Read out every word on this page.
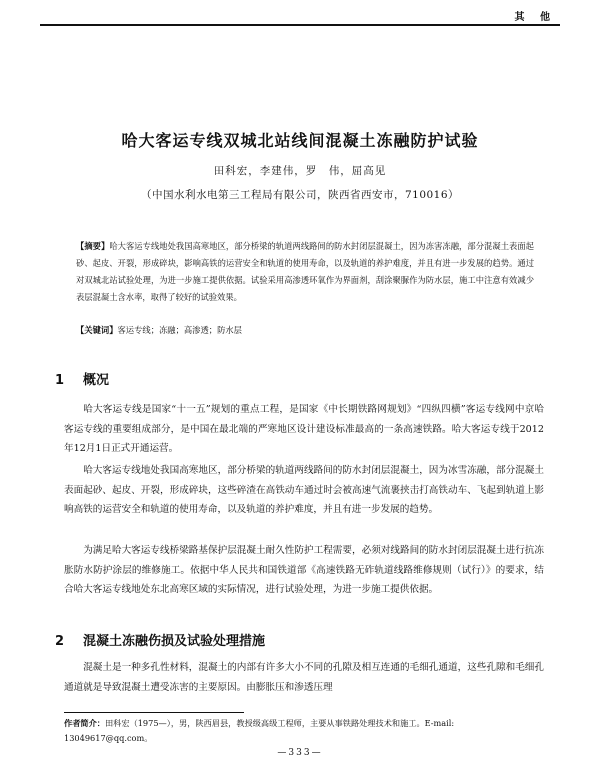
其 他
哈大客运专线双城北站线间混凝土冻融防护试验
田科宏，李建伟，罗　伟，屈高见
（中国水利水电第三工程局有限公司，陕西省西安市，710016）
【摘要】哈大客运专线地处我国高寒地区，部分桥梁的轨道两线路间的防水封闭层混凝土，因为冻害冻融，部分混凝土表面起砂、起皮、开裂，形成碎块，影响高铁的运营安全和轨道的使用寿命，以及轨道的养护难度，并且有进一步发展的趋势。通过对双城北站试验处理，为进一步施工提供依据。试验采用高渗透环氧作为界面剂，刮涂聚脲作为防水层，施工中注意有效减少表层混凝土含水率，取得了较好的试验效果。
【关键词】客运专线；冻融；高渗透；防水层
1 概况
哈大客运专线是国家“十一五”规划的重点工程，是国家《中长期铁路网规划》“四纵四横”客运专线网中京哈客运专线的重要组成部分，是中国在最北端的严寒地区设计建设标准最高的一条高速铁路。哈大客运专线于2012年12月1日正式开通运营。
哈大客运专线地处我国高寒地区，部分桥梁的轨道两线路间的防水封闭层混凝土，因为冰雪冻融，部分混凝土表面起砂、起皮、开裂，形成碎块，这些碎渣在高铁动车通过时会被高速气流裹挟击打高铁动车、飞起到轨道上影响高铁的运营安全和轨道的使用寿命，以及轨道的养护难度，并且有进一步发展的趋势。
为满足哈大客运专线桥梁路基保护层混凝土耐久性防护工程需要，必须对线路间的防水封闭层混凝土进行抗冻胀防水防护涂层的维修施工。依据中华人民共和国铁道部《高速铁路无砟轨道线路维修规则（试行）》的要求，结合哈大客运专线地处东北高寒区域的实际情况，进行试验处理，为进一步施工提供依据。
2 混凝土冻融伤损及试验处理措施
混凝土是一种多孔性材料，混凝土的内部有许多大小不同的孔隙及相互连通的毛细孔通道，这些孔隙和毛细孔通道就是导致混凝土遭受冻害的主要原因。由膨胀压和渗透压理
作者简介：田科宏（1975—），男，陕西眉县，教授级高级工程师，主要从事铁路处理技术和施工。E-mail: 13049617@qq.com。
—333—
